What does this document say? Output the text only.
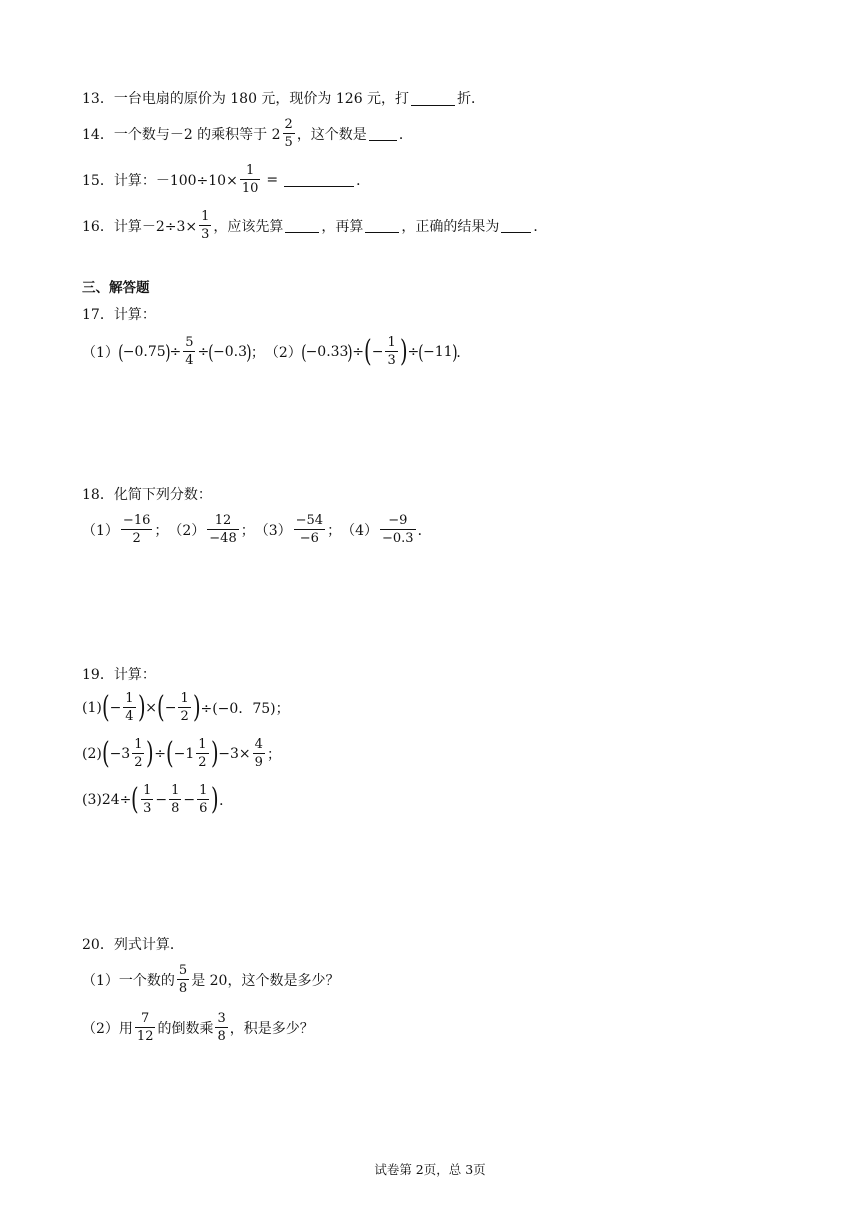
13．一台电扇的原价为 180 元，现价为 126 元，打	折．
14．一个数与－2 的乘积等于 $2 \frac{2}{5}$ ，这个数是 ．
15．计算：$-100\div 10\times \frac{1}{10}$ =	．
16．计算$-2\div 3\times \frac{1}{3}$ ，应该先算	，再算	，正确的结果为 ．
三、解答题
17．计算：
（1） ( −0.75 ) ÷ $\frac{5}{4}$ ÷ ( −0.3 ) ； （2） ( −0.33 ) ÷ ( − $\frac{1}{3}$ ) ÷ ( −11 ) ．
18．化简下列分数：
$(1) \frac{-16}{2}$ ； $(2) \frac{12}{-48}$ ； $(3) \frac{-54}{-6}$ ； $(4) \frac{-9}{-0.3}$ ．
19．计算：
(1) ( − $\frac{1}{4}$ ) × ( − $\frac{1}{2}$ ) ÷(−0．75)；
(2) ( $-3 \frac{1}{2}$ ) ÷ ( $-1 \frac{1}{2}$ ) $-3\times \frac{4}{9}$ ；
(3)24÷ ( $\frac{1}{3} - \frac{1}{8} - \frac{1}{6}$ ) ．
20．列式计算．
（1）一个数的 $\frac{5}{8}$ 是 20，这个数是多少？
（2）用 $\frac{7}{12}$ 的倒数乘 $\frac{3}{8}$ ，积是多少？
试卷第 2页，总 3页
